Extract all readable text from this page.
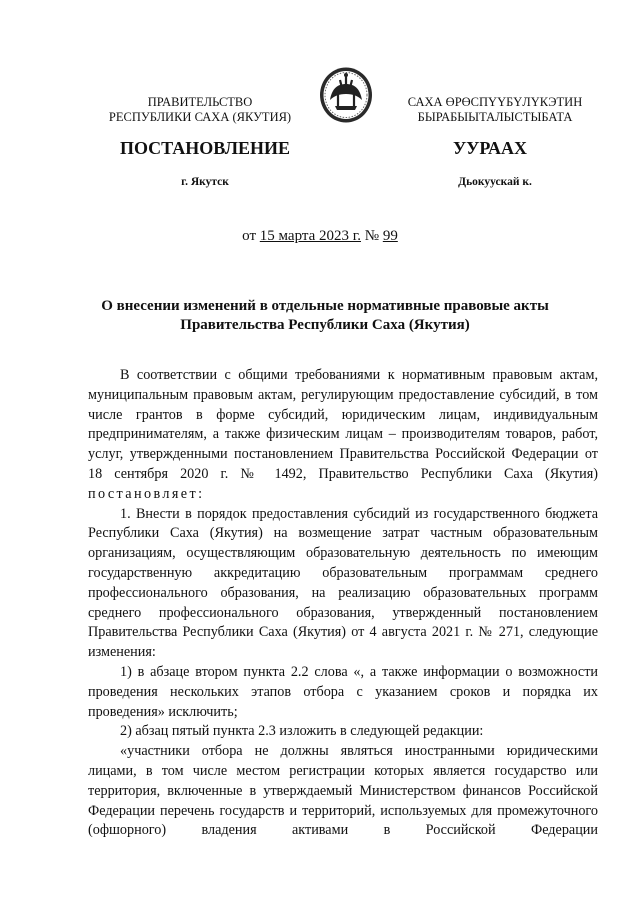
ПРАВИТЕЛЬСТВО
РЕСПУБЛИКИ САХА (ЯКУТИЯ)
САХА ӨРӨСПҮҮБҮЛҮКЭТИН
БЫРАБЫЫТАЛЫСТЫБАТА
ПОСТАНОВЛЕНИЕ	УУРААХ
г. Якутск	Дьокуускай к.
от 15 марта 2023 г. № 99
О внесении изменений в отдельные нормативные правовые акты
Правительства Республики Саха (Якутия)

В соответствии с общими требованиями к нормативным правовым актам, муниципальным правовым актам, регулирующим предоставление субсидий, в том числе грантов в форме субсидий, юридическим лицам, индивидуальным предпринимателям, а также физическим лицам – производителям товаров, работ, услуг, утвержденными постановлением Правительства Российской Федерации от 18 сентября 2020 г. № 1492, Правительство Республики Саха (Якутия) постановляет:

1. Внести в порядок предоставления субсидий из государственного бюджета Республики Саха (Якутия) на возмещение затрат частным образовательным организациям, осуществляющим образовательную деятельность по имеющим государственную аккредитацию образовательным программам среднего профессионального образования, на реализацию образовательных программ среднего профессионального образования, утвержденный постановлением Правительства Республики Саха (Якутия) от 4 августа 2021 г. № 271, следующие изменения:

1) в абзаце втором пункта 2.2 слова «, а также информации о возможности проведения нескольких этапов отбора с указанием сроков и порядка их проведения» исключить;

2) абзац пятый пункта 2.3 изложить в следующей редакции:

«участники отбора не должны являться иностранными юридическими лицами, в том числе местом регистрации которых является государство или территория, включенные в утверждаемый Министерством финансов Российской Федерации перечень государств и территорий, используемых для промежуточного (офшорного) владения активами в Российской Федерации
